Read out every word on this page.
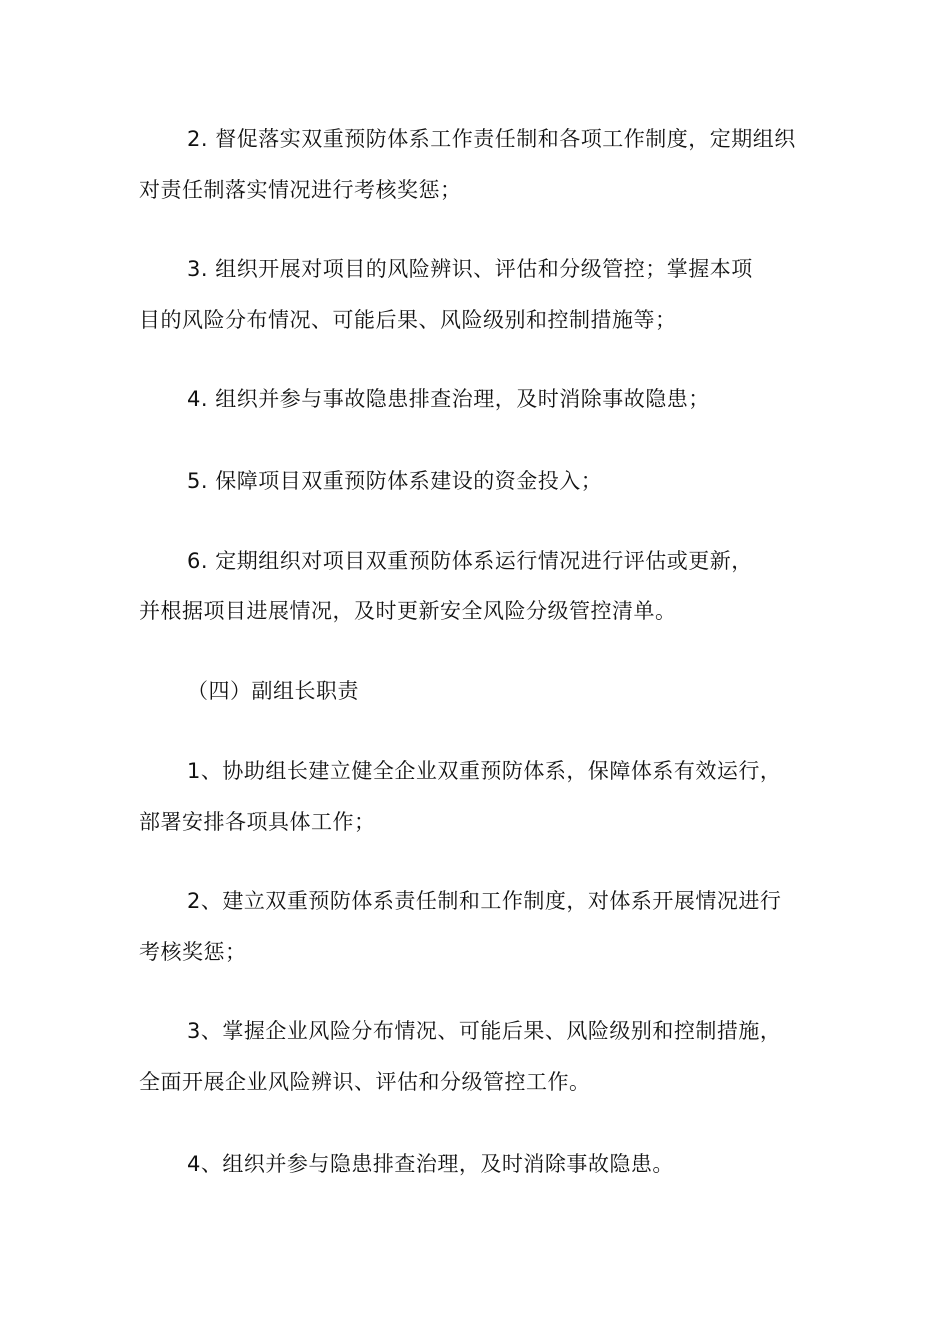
2. 督促落实双重预防体系工作责任制和各项工作制度，定期组织
对责任制落实情况进行考核奖惩；
3. 组织开展对项目的风险辨识、评估和分级管控；掌握本项
目的风险分布情况、可能后果、风险级别和控制措施等；
4. 组织并参与事故隐患排查治理，及时消除事故隐患；
5. 保障项目双重预防体系建设的资金投入；
6. 定期组织对项目双重预防体系运行情况进行评估或更新，
并根据项目进展情况，及时更新安全风险分级管控清单。
（四）副组长职责
1、协助组长建立健全企业双重预防体系，保障体系有效运行，
部署安排各项具体工作；
2、建立双重预防体系责任制和工作制度，对体系开展情况进行
考核奖惩；
3、掌握企业风险分布情况、可能后果、风险级别和控制措施，
全面开展企业风险辨识、评估和分级管控工作。
4、组织并参与隐患排查治理，及时消除事故隐患。
